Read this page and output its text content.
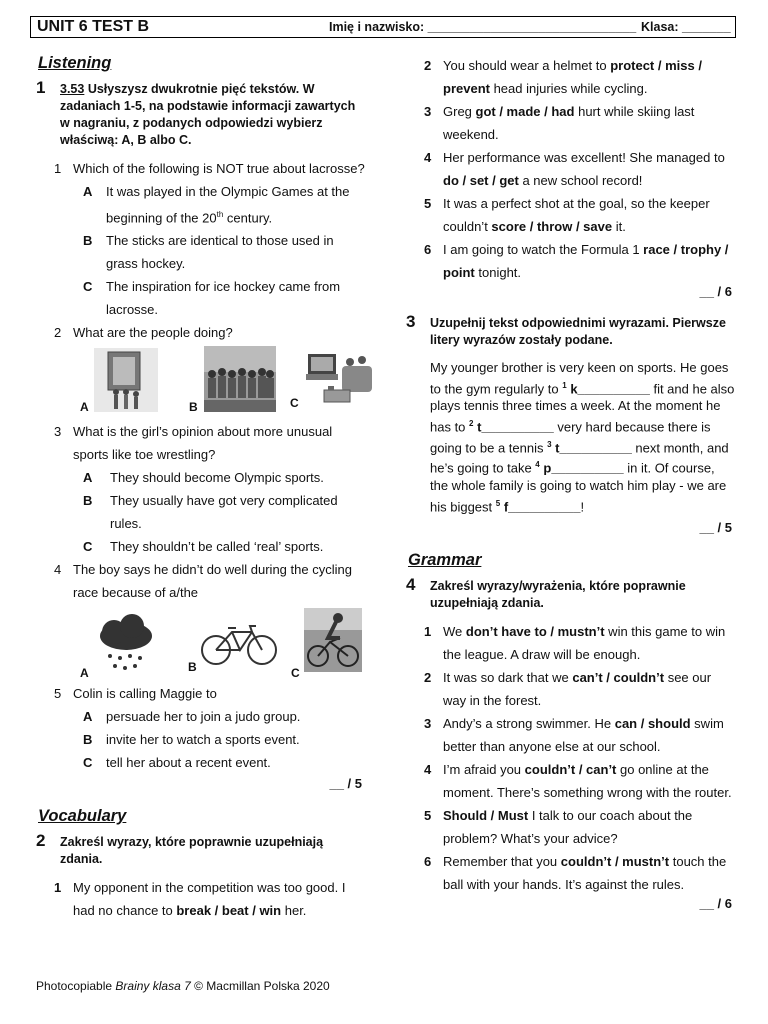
UNIT 6 TEST B	Imię i nazwisko: ______________________________ Klasa: _______
Listening
1 3.53 Usłyszysz dwukrotnie pięć tekstów. W zadaniach 1-5, na podstawie informacji zawartych w nagraniu, z podanych odpowiedzi wybierz właściwą: A, B albo C.
1 Which of the following is NOT true about lacrosse?
A It was played in the Olympic Games at the beginning of the 20th century.
B The sticks are identical to those used in grass hockey.
C The inspiration for ice hockey came from lacrosse.
2 What are the people doing?
A	B	C
3 What is the girl’s opinion about more unusual sports like toe wrestling?
A They should become Olympic sports.
B They usually have got very complicated rules.
C They shouldn’t be called ‘real’ sports.
4 The boy says he didn’t do well during the cycling race because of a/the
A	B	C
5 Colin is calling Maggie to
A persuade her to join a judo group.
B invite her to watch a sports event.
C tell her about a recent event.
__ / 5
Vocabulary
2 Zakreśl wyrazy, które poprawnie uzupełniają zdania.
1 My opponent in the competition was too good. I had no chance to break / beat / win her.
2 You should wear a helmet to protect / miss / prevent head injuries while cycling.
3 Greg got / made / had hurt while skiing last weekend.
4 Her performance was excellent! She managed to do / set / get a new school record!
5 It was a perfect shot at the goal, so the keeper couldn’t score / throw / save it.
6 I am going to watch the Formula 1 race / trophy / point tonight.
__ / 6
3 Uzupełnij tekst odpowiednimi wyrazami. Pierwsze litery wyrazów zostały podane.
My younger brother is very keen on sports. He goes to the gym regularly to $^1$ k__________ fit and he also plays tennis three times a week. At the moment he has to $^2$ t__________ very hard because there is going to be a tennis $^3$ t__________ next month, and he’s going to take $^4$ p__________ in it. Of course, the whole family is going to watch him play - we are his biggest $^5$ f__________!
__ / 5
Grammar
4 Zakreśl wyrazy/wyrażenia, które poprawnie uzupełniają zdania.
1 We don’t have to / mustn’t win this game to win the league. A draw will be enough.
2 It was so dark that we can’t / couldn’t see our way in the forest.
3 Andy’s a strong swimmer. He can / should swim better than anyone else at our school.
4 I’m afraid you couldn’t / can’t go online at the moment. There’s something wrong with the router.
5 Should / Must I talk to our coach about the problem? What’s your advice?
6 Remember that you couldn’t / mustn’t touch the ball with your hands. It’s against the rules.
__ / 6
Photocopiable Brainy klasa 7 © Macmillan Polska 2020
